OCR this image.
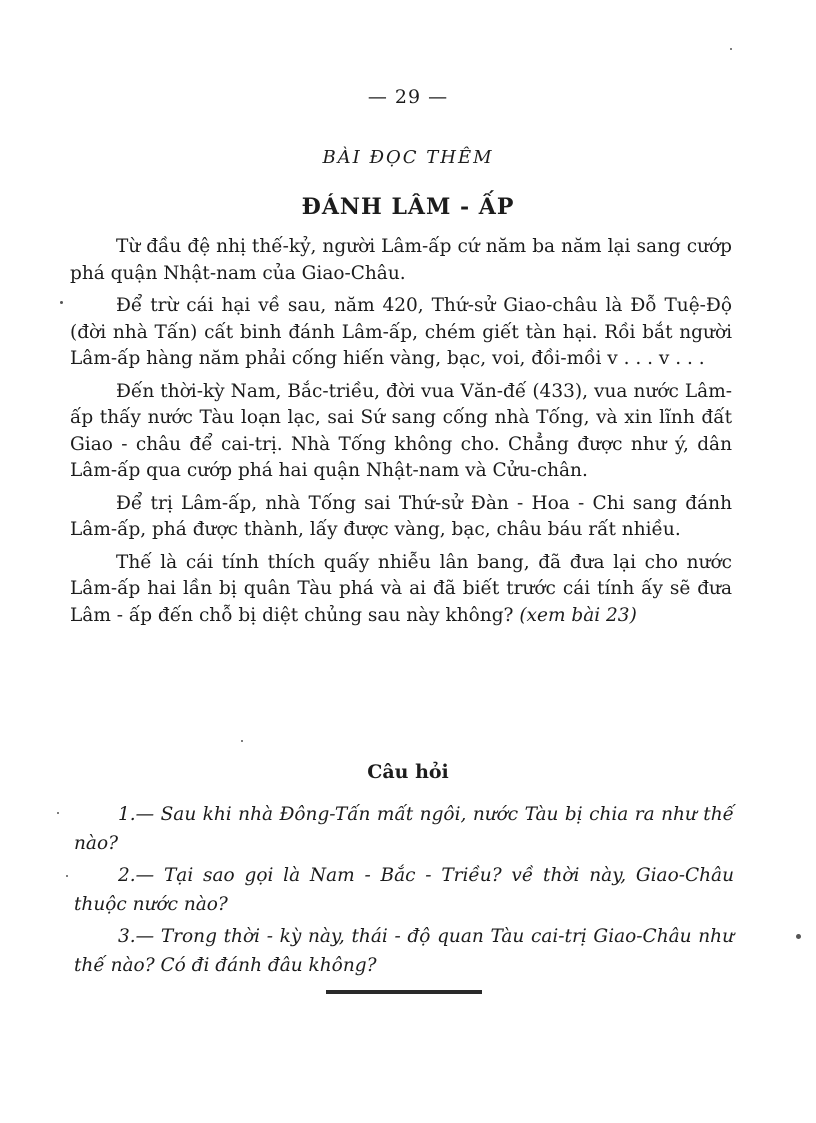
— 29 —
BÀI ĐỌC THÊM
ĐÁNH LÂM - ẤP

Từ đầu đệ nhị thế-kỷ, người Lâm-ấp cứ năm ba năm lại sang cướp phá quận Nhật-nam của Giao-Châu.

Để trừ cái hại về sau, năm 420, Thứ-sử Giao-châu là Đỗ Tuệ-Độ (đời nhà Tấn) cất binh đánh Lâm-ấp, chém giết tàn hại. Rồi bắt người Lâm-ấp hàng năm phải cống hiến vàng, bạc, voi, đồi-mồi v . . . v . . .

Đến thời-kỳ Nam, Bắc-triều, đời vua Văn-đế (433), vua nước Lâm-ấp thấy nước Tàu loạn lạc, sai Sứ sang cống nhà Tống, và xin lĩnh đất Giao - châu để cai-trị. Nhà Tống không cho. Chẳng được như ý, dân Lâm-ấp qua cướp phá hai quận Nhật-nam và Cửu-chân.

Để trị Lâm-ấp, nhà Tống sai Thứ-sử Đàn - Hoa - Chi sang đánh Lâm-ấp, phá được thành, lấy được vàng, bạc, châu báu rất nhiều.

Thế là cái tính thích quấy nhiễu lân bang, đã đưa lại cho nước Lâm-ấp hai lần bị quân Tàu phá và ai đã biết trước cái tính ấy sẽ đưa Lâm - ấp đến chỗ bị diệt chủng sau này không? (xem bài 23)

Câu hỏi

1.— Sau khi nhà Đông-Tấn mất ngôi, nước Tàu bị chia ra như thế nào?

2.— Tại sao gọi là Nam - Bắc - Triều? về thời này, Giao-Châu thuộc nước nào?

3.— Trong thời - kỳ này, thái - độ quan Tàu cai-trị Giao-Châu như thế nào? Có đi đánh đâu không?
